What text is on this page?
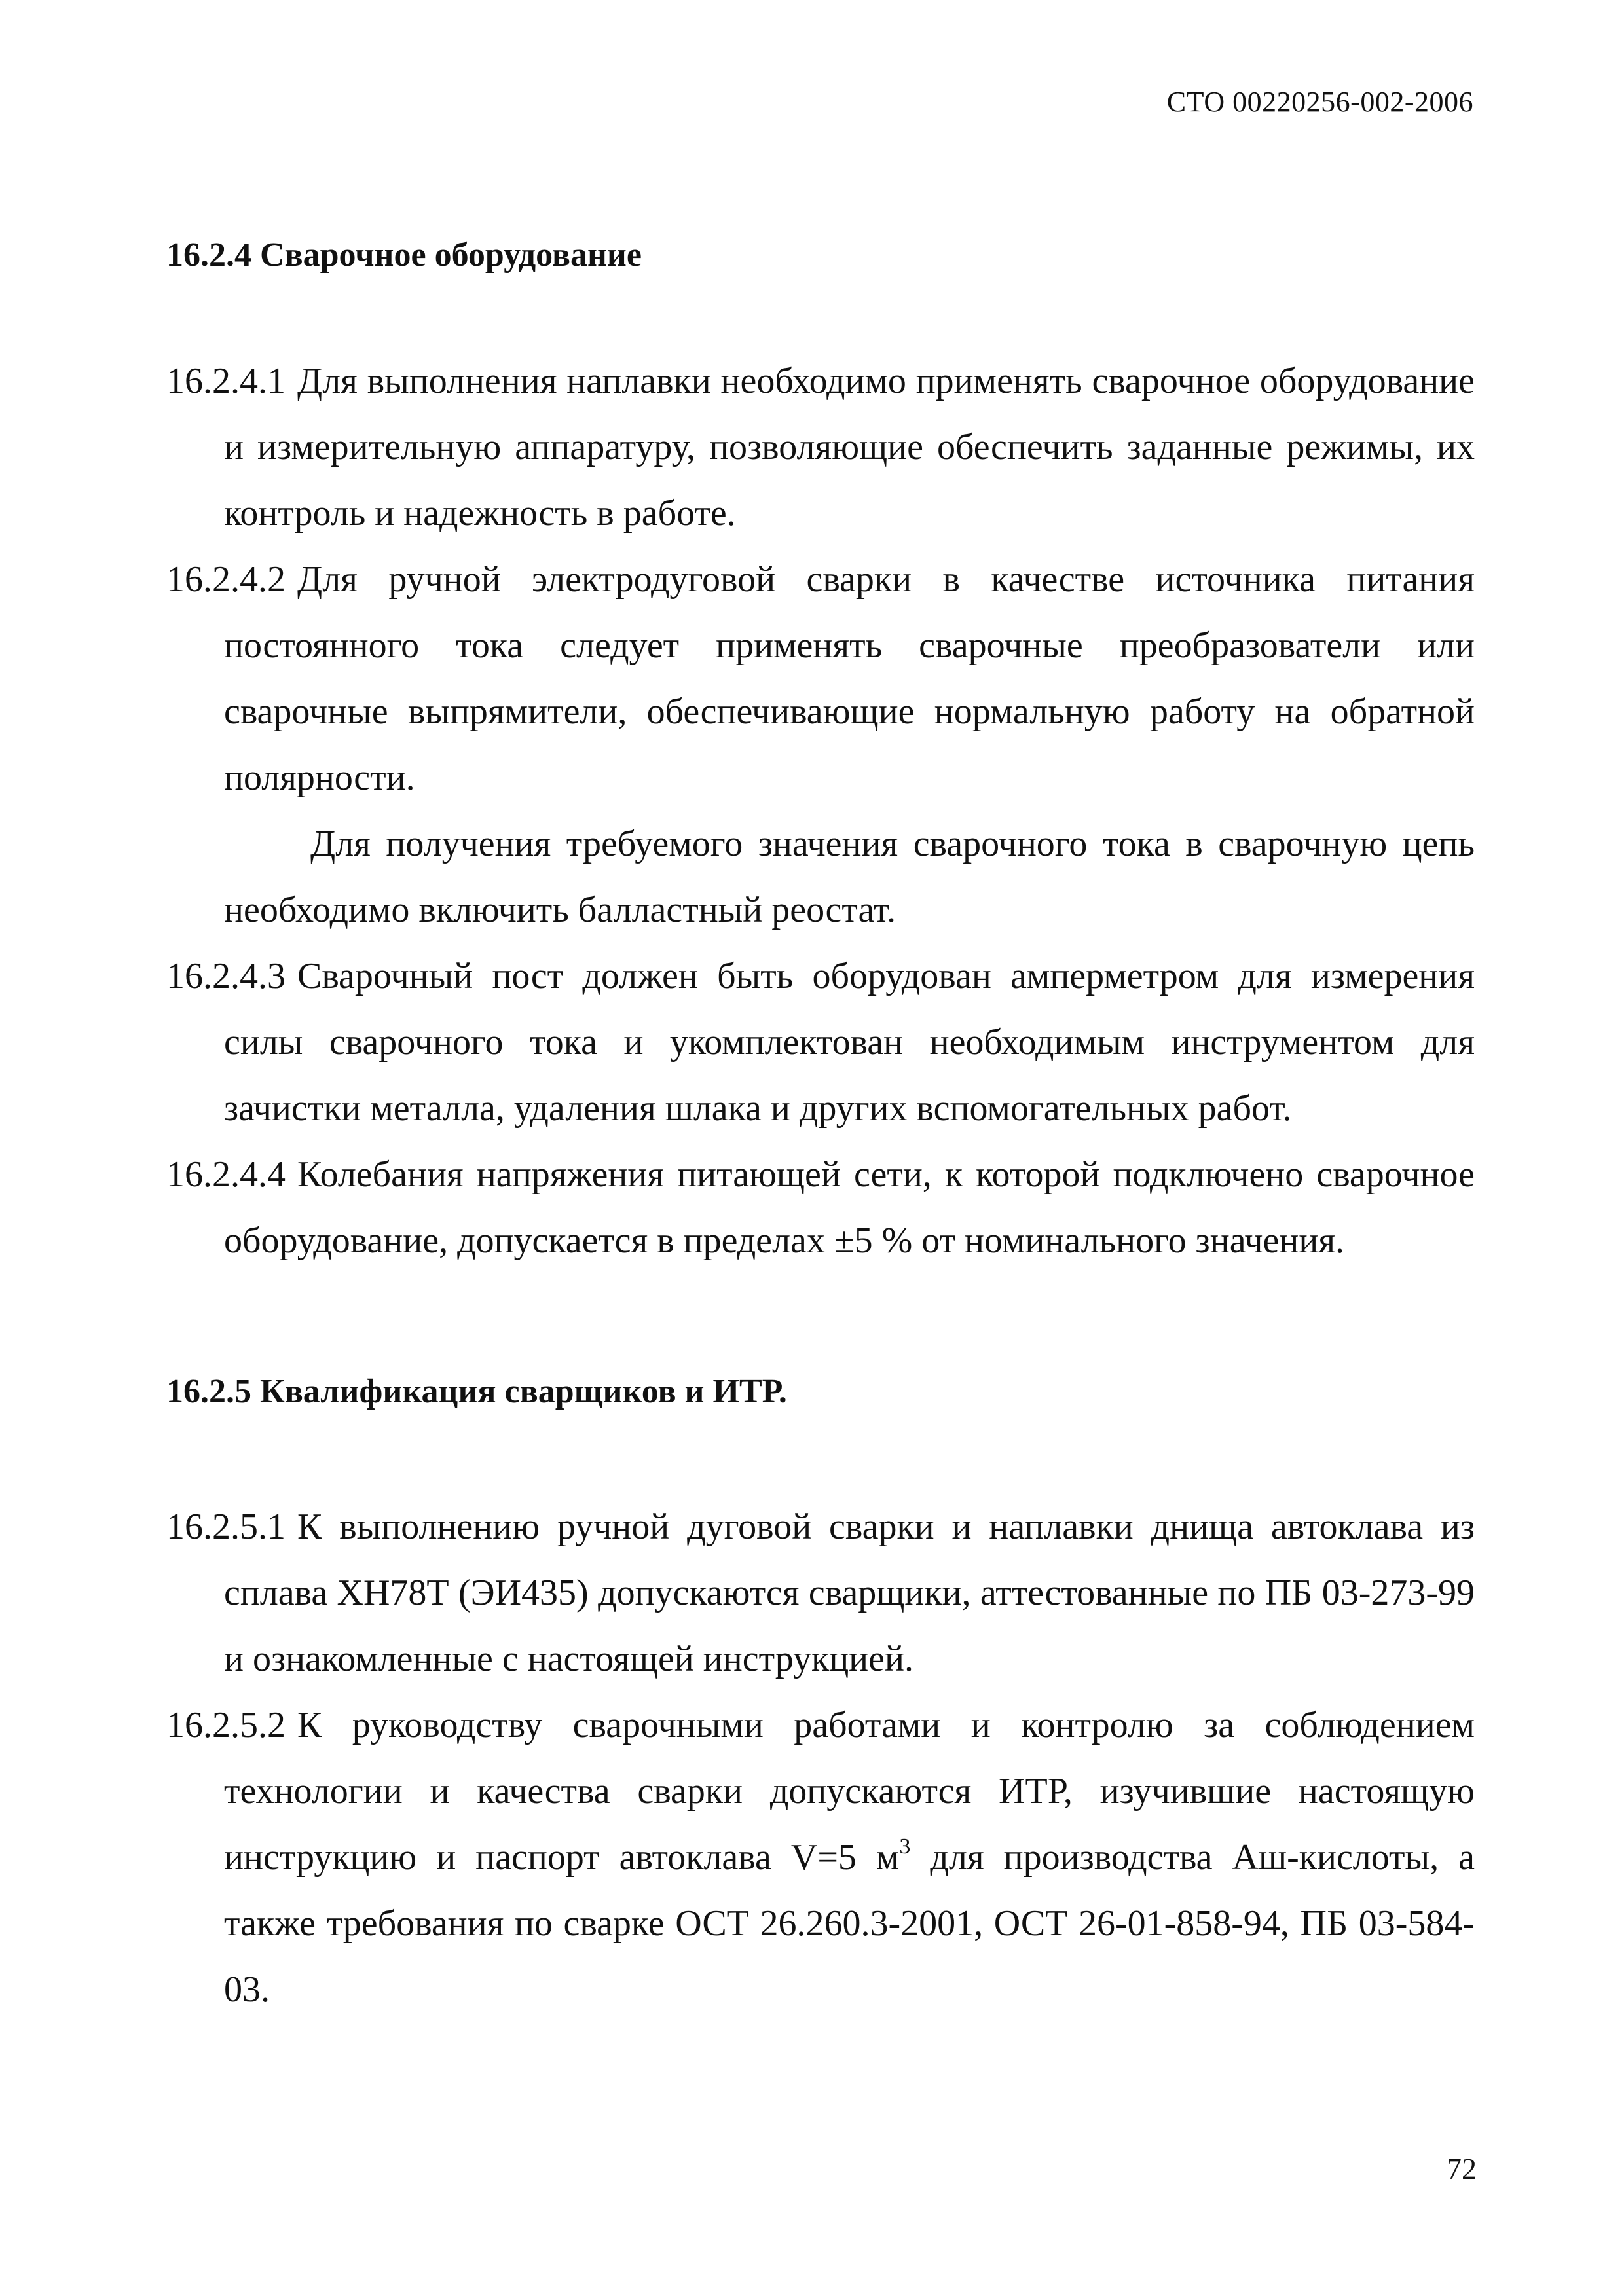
СТО 00220256-002-2006
16.2.4 Сварочное оборудование

16.2.4.1 Для выполнения наплавки необходимо применять сварочное оборудование и измерительную аппаратуру, позволяющие обеспечить заданные режимы, их контроль и надежность в работе.

16.2.4.2 Для ручной электродуговой сварки в качестве источника питания постоянного тока следует применять сварочные преобразователи или сварочные выпрямители, обеспечивающие нормальную работу на обратной полярности.

Для получения требуемого значения сварочного тока в сварочную цепь необходимо включить балластный реостат.

16.2.4.3 Сварочный пост должен быть оборудован амперметром для измерения силы сварочного тока и укомплектован необходимым инструментом для зачистки металла, удаления шлака и других вспомогательных работ.

16.2.4.4 Колебания напряжения питающей сети, к которой подключено сварочное оборудование, допускается в пределах ±5 % от номинального значения.

16.2.5 Квалификация сварщиков и ИТР.

16.2.5.1 К выполнению ручной дуговой сварки и наплавки днища автоклава из сплава ХН78Т (ЭИ435) допускаются сварщики, аттестованные по ПБ 03-273-99 и ознакомленные с настоящей инструкцией.

16.2.5.2 К руководству сварочными работами и контролю за соблюдением технологии и качества сварки допускаются ИТР, изучившие настоящую инструкцию и паспорт автоклава V=5 $м^3$ для производства Аш-кислоты, а также требования по сварке ОСТ 26.260.3-2001, ОСТ 26-01-858-94, ПБ 03-584-03.

72
